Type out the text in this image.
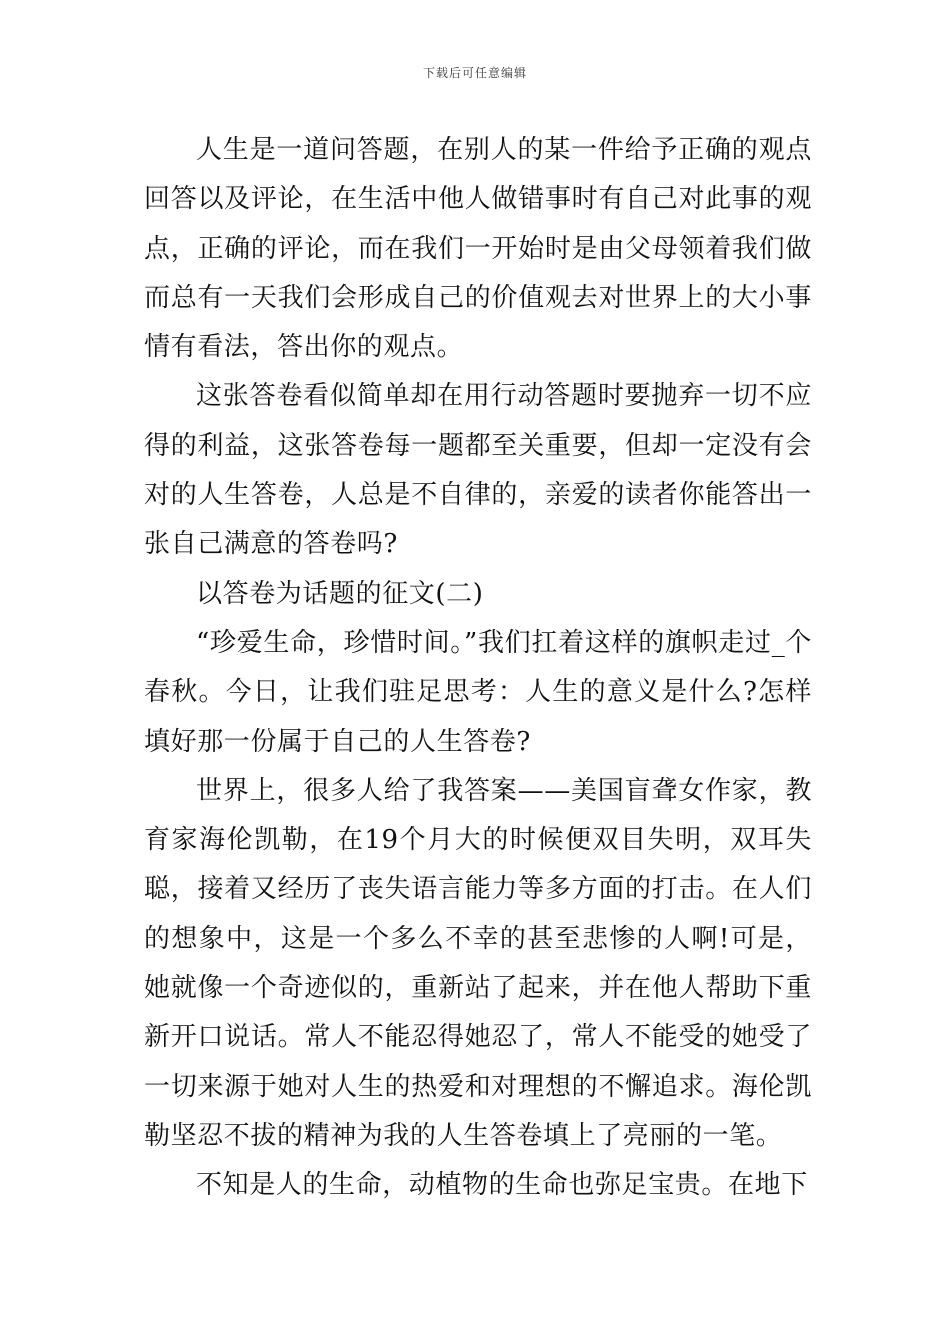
下载后可任意编辑

人生是一道问答题，在别人的某一件给予正确的观点回答以及评论，在生活中他人做错事时有自己对此事的观点，正确的评论，而在我们一开始时是由父母领着我们做而总有一天我们会形成自己的价值观去对世界上的大小事情有看法，答出你的观点。

这张答卷看似简单却在用行动答题时要抛弃一切不应得的利益，这张答卷每一题都至关重要，但却一定没有会对的人生答卷，人总是不自律的，亲爱的读者你能答出一张自己满意的答卷吗?

以答卷为话题的征文(二)

“珍爱生命，珍惜时间。”我们扛着这样的旗帜走过_个春秋。今日，让我们驻足思考：人生的意义是什么?怎样填好那一份属于自己的人生答卷?

世界上，很多人给了我答案——美国盲聋女作家，教育家海伦凯勒，在19个月大的时候便双目失明，双耳失聪，接着又经历了丧失语言能力等多方面的打击。在人们的想象中，这是一个多么不幸的甚至悲惨的人啊!可是，她就像一个奇迹似的，重新站了起来，并在他人帮助下重新开口说话。常人不能忍得她忍了，常人不能受的她受了一切来源于她对人生的热爱和对理想的不懈追求。海伦凯勒坚忍不拔的精神为我的人生答卷填上了亮丽的一笔。

不知是人的生命，动植物的生命也弥足宝贵。在地下
